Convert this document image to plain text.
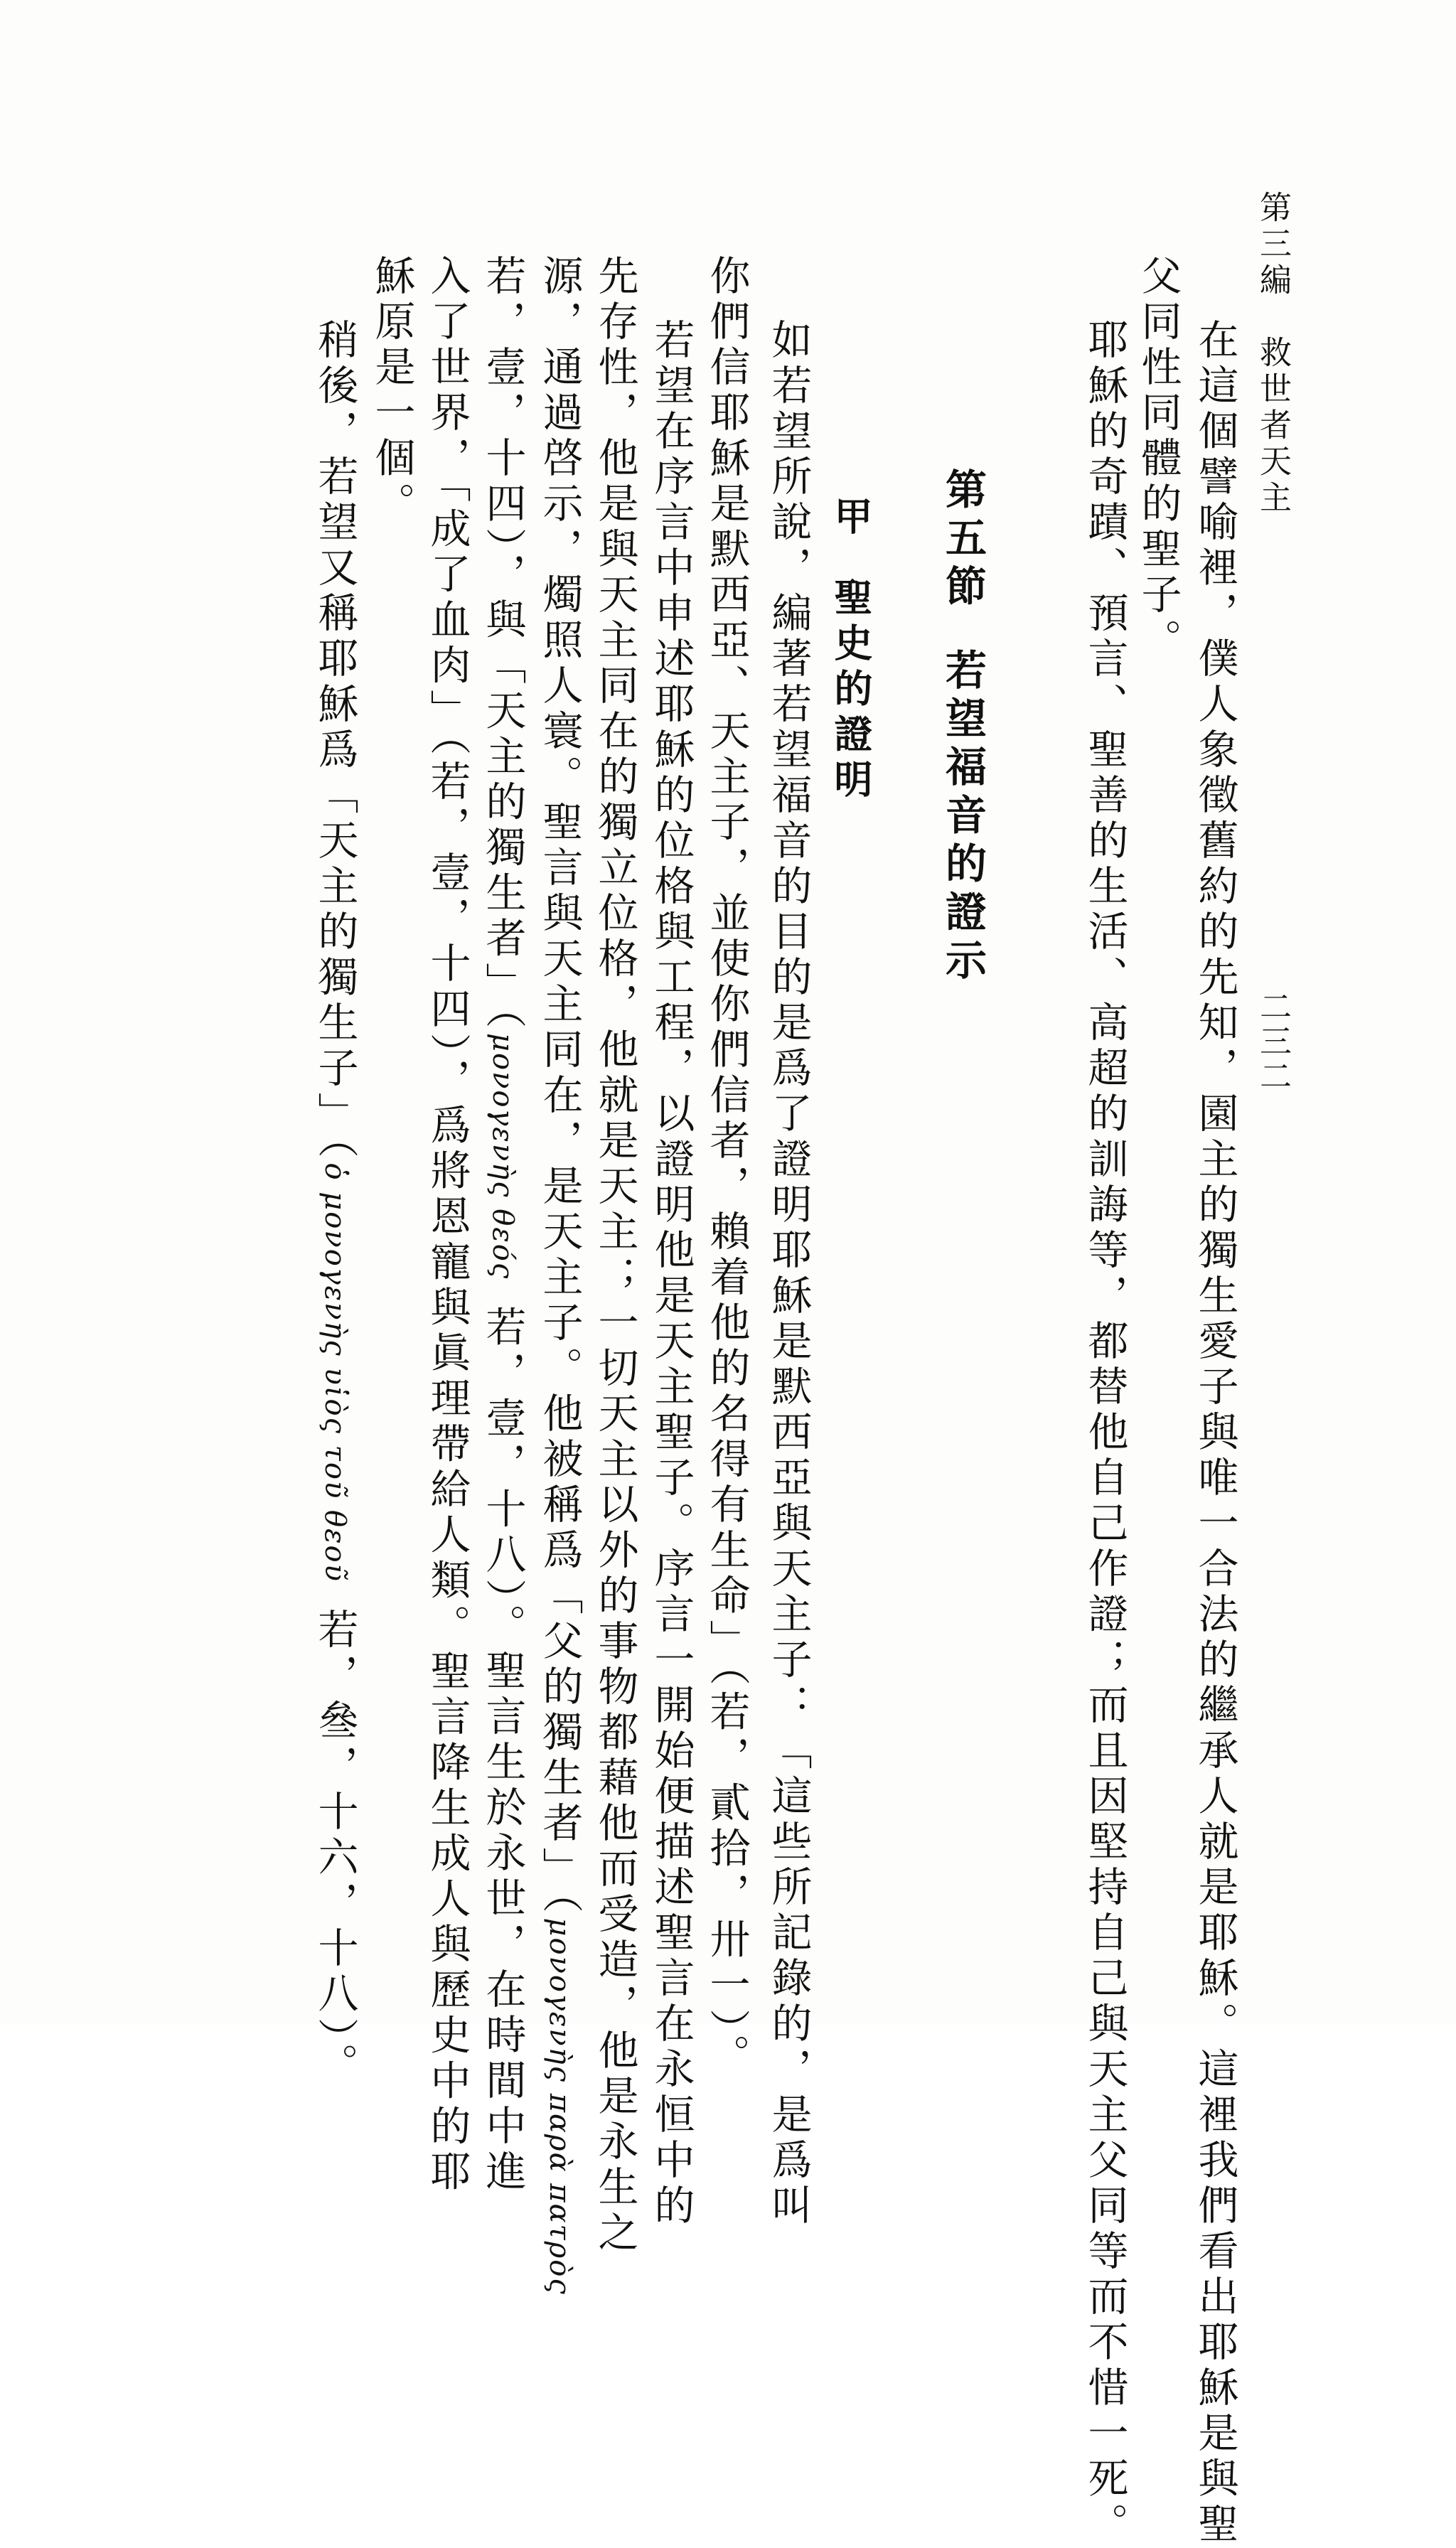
第三編　救世者天主
二三二
在這個譬喻裡，僕人象徵舊約的先知，園主的獨生愛子與唯一合法的繼承人就是耶穌。這裡我們看出耶穌是與聖
父同性同體的聖子。
耶穌的奇蹟、預言、聖善的生活、高超的訓誨等，都替他自己作證；而且因堅持自己與天主父同等而不惜一死。
第五節若望福音的證示
甲聖史的證明
如若望所說，編著若望福音的目的是爲了證明耶穌是默西亞與天主子：「這些所記錄的，是爲叫
你們信耶穌是默西亞、天主子，並使你們信者，賴着他的名得有生命」（若，貳拾，卅一）。
若望在序言中申述耶穌的位格與工程，以證明他是天主聖子。序言一開始便描述聖言在永恒中的
先存性，他是與天主同在的獨立位格，他就是天主；一切天主以外的事物都藉他而受造，他是永生之
源，通過啓示，燭照人寰。聖言與天主同在，是天主子。他被稱爲「父的獨生者」（μονογενὴς παρὰ πατρὸς
若，壹，十四），與「天主的獨生者」（μονογενὴς θεός若，壹，十八）。聖言生於永世，在時間中進
入了世界，「成了血肉」（若，壹，十四），爲將恩寵與眞理帶給人類。聖言降生成人與歷史中的耶
穌原是一個。
稍後，若望又稱耶穌爲「天主的獨生子」（ὁ μονογενὴς υἱὸς τοῦ θεοῦ若，叄，十六，十八）。
